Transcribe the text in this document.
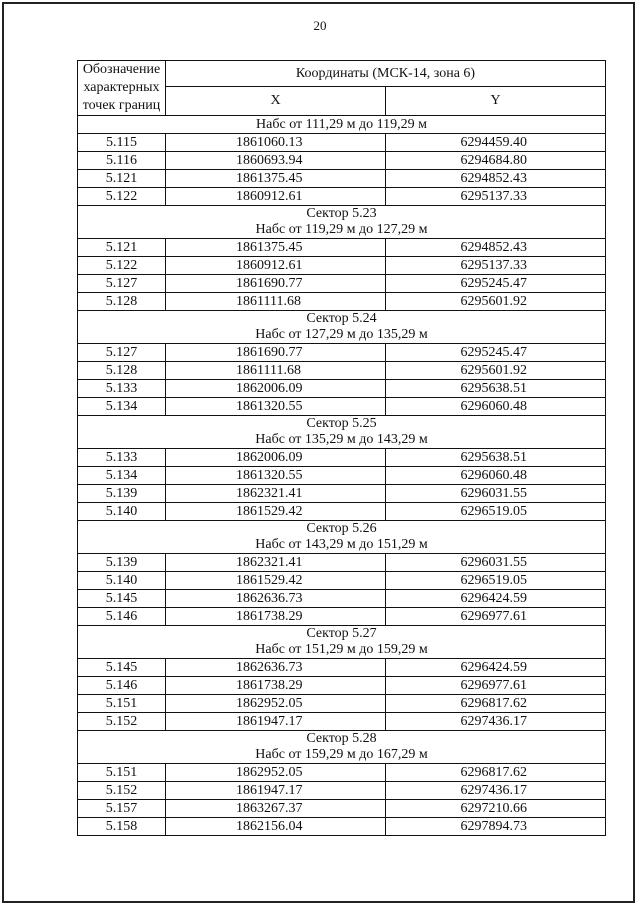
20
Обозначение характерных точек границ	Координаты (МСК-14, зона 6)	
	X	Y

Набс от 111,29 м до 119,29 м		

5.115	1861060.13	6294459.40
5.116	1860693.94	6294684.80
5.121	1861375.45	6294852.43
5.122	1860912.61	6295137.33

Сектор 5.23
Набс от 119,29 м до 127,29 м		

5.121	1861375.45	6294852.43
5.122	1860912.61	6295137.33
5.127	1861690.77	6295245.47
5.128	1861111.68	6295601.92

Сектор 5.24
Набс от 127,29 м до 135,29 м		

5.127	1861690.77	6295245.47
5.128	1861111.68	6295601.92
5.133	1862006.09	6295638.51
5.134	1861320.55	6296060.48

Сектор 5.25
Набс от 135,29 м до 143,29 м		

5.133	1862006.09	6295638.51
5.134	1861320.55	6296060.48
5.139	1862321.41	6296031.55
5.140	1861529.42	6296519.05

Сектор 5.26
Набс от 143,29 м до 151,29 м		

5.139	1862321.41	6296031.55
5.140	1861529.42	6296519.05
5.145	1862636.73	6296424.59
5.146	1861738.29	6296977.61

Сектор 5.27
Набс от 151,29 м до 159,29 м		

5.145	1862636.73	6296424.59
5.146	1861738.29	6296977.61
5.151	1862952.05	6296817.62
5.152	1861947.17	6297436.17

Сектор 5.28
Набс от 159,29 м до 167,29 м		

5.151	1862952.05	6296817.62
5.152	1861947.17	6297436.17
5.157	1863267.37	6297210.66
5.158	1862156.04	6297894.73
